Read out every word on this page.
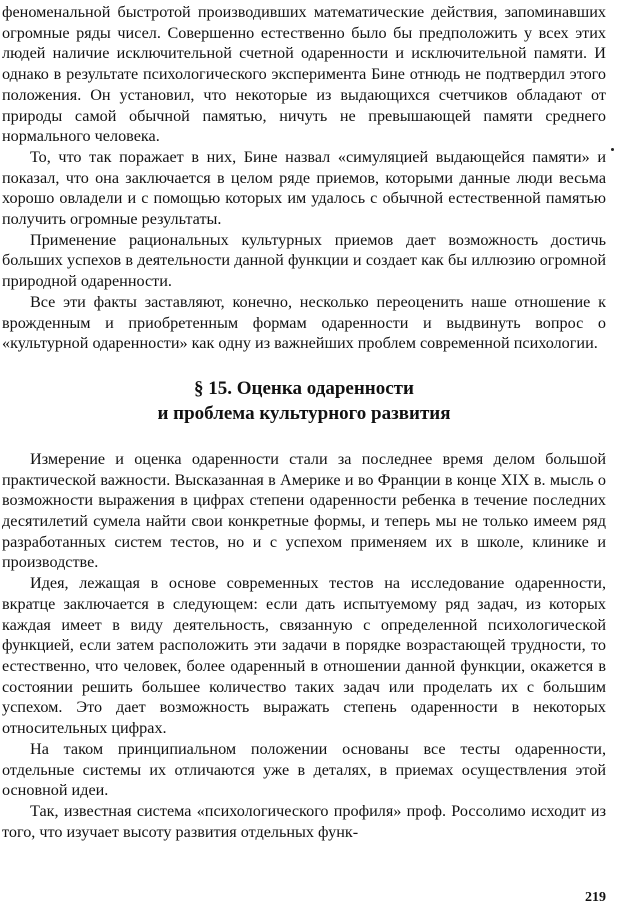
феноменальной быстротой производивших математические действия, запоминавших огромные ряды чисел. Совершенно естественно было бы предположить у всех этих людей наличие исключительной счетной одаренности и исключительной памяти. И однако в результате психологического эксперимента Бине отнюдь не подтвердил этого положения. Он установил, что некоторые из выдающихся счетчиков обладают от природы самой обычной памятью, ничуть не превышающей памяти среднего нормального человека.

То, что так поражает в них, Бине назвал «симуляцией выдающейся памяти» и показал, что она заключается в целом ряде приемов, которыми данные люди весьма хорошо овладели и с помощью которых им удалось с обычной естественной памятью получить огромные результаты.

Применение рациональных культурных приемов дает возможность достичь больших успехов в деятельности данной функции и создает как бы иллюзию огромной природной одаренности.

Все эти факты заставляют, конечно, несколько переоценить наше отношение к врожденным и приобретенным формам одаренности и выдвинуть вопрос о «культурной одаренности» как одну из важнейших проблем современной психологии.

§ 15. Оценка одаренности
и проблема культурного развития

Измерение и оценка одаренности стали за последнее время делом большой практической важности. Высказанная в Америке и во Франции в конце XIX в. мысль о возможности выражения в цифрах степени одаренности ребенка в течение последних десятилетий сумела найти свои конкретные формы, и теперь мы не только имеем ряд разработанных систем тестов, но и с успехом применяем их в школе, клинике и производстве.

Идея, лежащая в основе современных тестов на исследование одаренности, вкратце заключается в следующем: если дать испытуемому ряд задач, из которых каждая имеет в виду деятельность, связанную с определенной психологической функцией, если затем расположить эти задачи в порядке возрастающей трудности, то естественно, что человек, более одаренный в отношении данной функции, окажется в состоянии решить большее количество таких задач или проделать их с большим успехом. Это дает возможность выражать степень одаренности в некоторых относительных цифрах.

На таком принципиальном положении основаны все тесты одаренности, отдельные системы их отличаются уже в деталях, в приемах осуществления этой основной идеи.

Так, известная система «психологического профиля» проф. Россолимо исходит из того, что изучает высоту развития отдельных функ-

219
